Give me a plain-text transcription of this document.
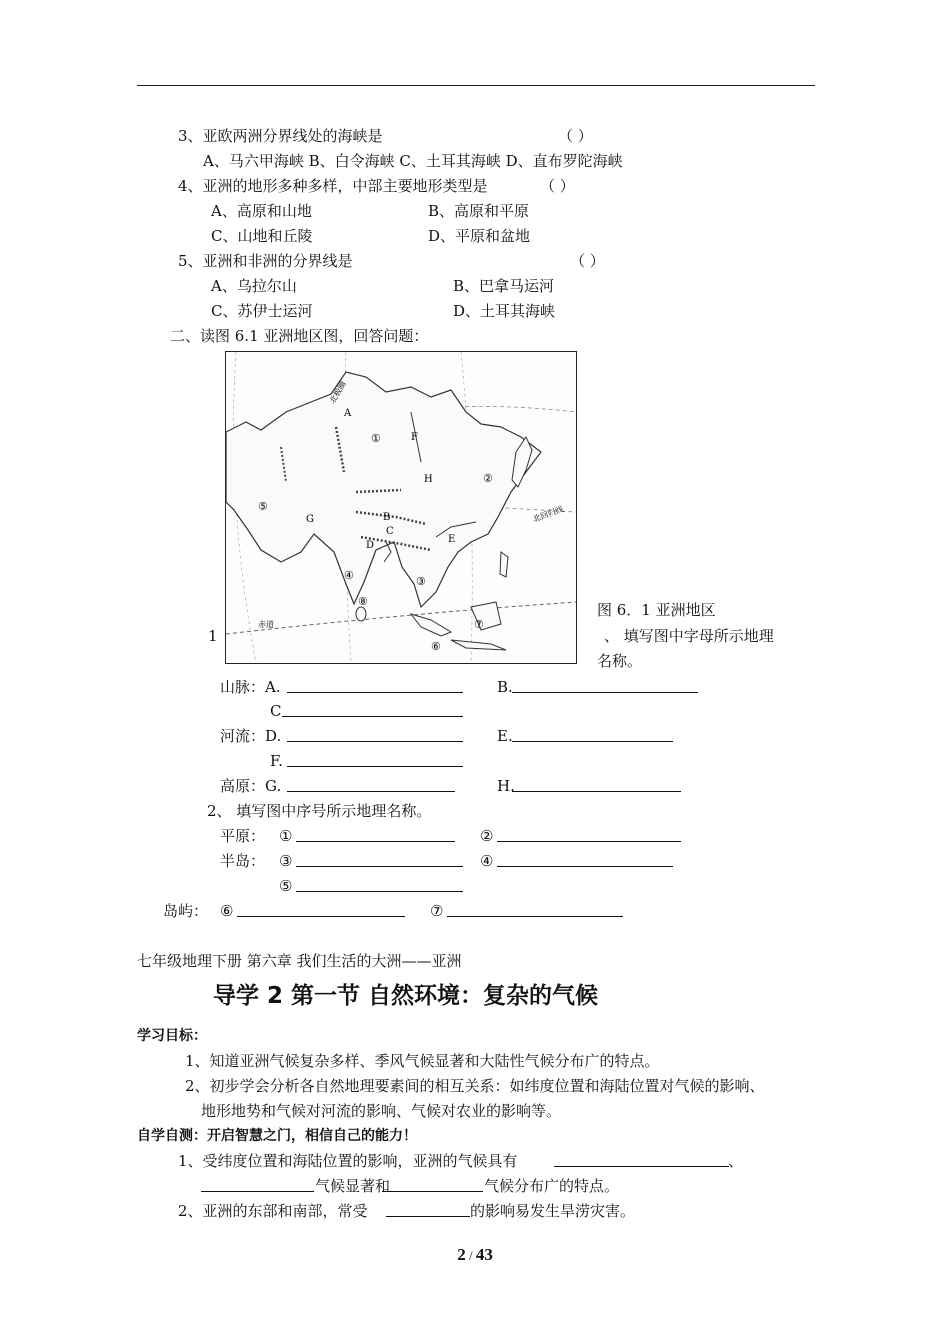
3、亚欧两洲分界线处的海峡是	（ ）
A、马六甲海峡 B、白令海峡 C、土耳其海峡 D、直布罗陀海峡
4、亚洲的地形多种多样，中部主要地形类型是	（ ）
A、高原和山地	B、高原和平原
C、山地和丘陵	D、平原和盆地
5、亚洲和非洲的分界线是	（ ）
A、乌拉尔山	B、巴拿马运河
C、苏伊士运河	D、土耳其海峡
二、读图 6.1 亚洲地区图，回答问题：
A
B
C
D
E
F
G
H
①
②
③
④
⑤
⑥
⑦
⑧
赤道
北回归线
北极圈
图 6．1 亚洲地区
、 填写图中字母所示地理
名称。
1
山脉：A.	B.
C
河流：D.	E.
F.
高原：G.	H.
2、 填写图中序号所示地理名称。
平原： ①	②
半岛： ③	④
⑤
岛屿： ⑥	⑦
七年级地理下册 第六章 我们生活的大洲——亚洲
导学 2 第一节 自然环境：复杂的气候
学习目标：
1、知道亚洲气候复杂多样、季风气候显著和大陆性气候分布广的特点。
2、初步学会分析各自然地理要素间的相互关系：如纬度位置和海陆位置对气候的影响、
地形地势和气候对河流的影响、气候对农业的影响等。
自学自测：开启智慧之门，相信自己的能力！
1、受纬度位置和海陆位置的影响，亚洲的气候具有	、
气候显著和	气候分布广的特点。
2、亚洲的东部和南部，常受	的影响易发生旱涝灾害。
2 / 43
